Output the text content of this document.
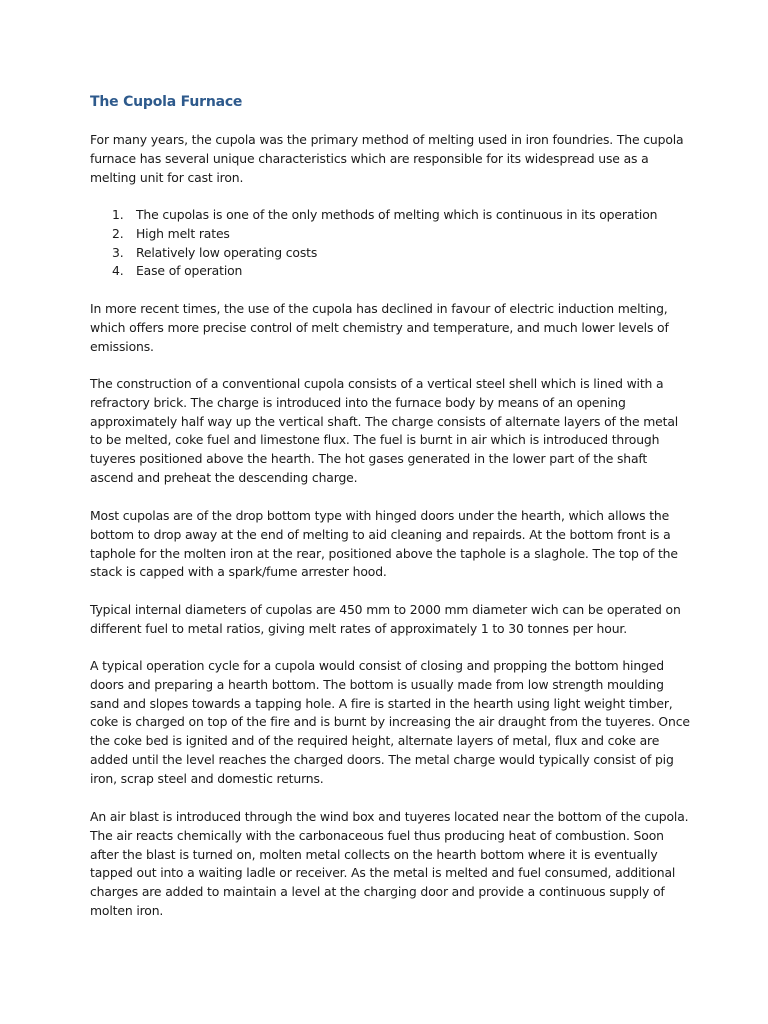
The Cupola Furnace

For many years, the cupola was the primary method of melting used in iron foundries. The cupola furnace has several unique characteristics which are responsible for its widespread use as a melting unit for cast iron.

1. The cupolas is one of the only methods of melting which is continuous in its operation
2. High melt rates
3. Relatively low operating costs
4. Ease of operation

In more recent times, the use of the cupola has declined in favour of electric induction melting, which offers more precise control of melt chemistry and temperature, and much lower levels of emissions.

The construction of a conventional cupola consists of a vertical steel shell which is lined with a refractory brick. The charge is introduced into the furnace body by means of an opening approximately half way up the vertical shaft. The charge consists of alternate layers of the metal to be melted, coke fuel and limestone flux. The fuel is burnt in air which is introduced through tuyeres positioned above the hearth. The hot gases generated in the lower part of the shaft ascend and preheat the descending charge.

Most cupolas are of the drop bottom type with hinged doors under the hearth, which allows the bottom to drop away at the end of melting to aid cleaning and repairds. At the bottom front is a taphole for the molten iron at the rear, positioned above the taphole is a slaghole. The top of the stack is capped with a spark/fume arrester hood.

Typical internal diameters of cupolas are 450 mm to 2000 mm diameter wich can be operated on different fuel to metal ratios, giving melt rates of approximately 1 to 30 tonnes per hour.

A typical operation cycle for a cupola would consist of closing and propping the bottom hinged doors and preparing a hearth bottom. The bottom is usually made from low strength moulding sand and slopes towards a tapping hole. A fire is started in the hearth using light weight timber, coke is charged on top of the fire and is burnt by increasing the air draught from the tuyeres. Once the coke bed is ignited and of the required height, alternate layers of metal, flux and coke are added until the level reaches the charged doors. The metal charge would typically consist of pig iron, scrap steel and domestic returns.

An air blast is introduced through the wind box and tuyeres located near the bottom of the cupola. The air reacts chemically with the carbonaceous fuel thus producing heat of combustion. Soon after the blast is turned on, molten metal collects on the hearth bottom where it is eventually tapped out into a waiting ladle or receiver. As the metal is melted and fuel consumed, additional charges are added to maintain a level at the charging door and provide a continuous supply of molten iron.
